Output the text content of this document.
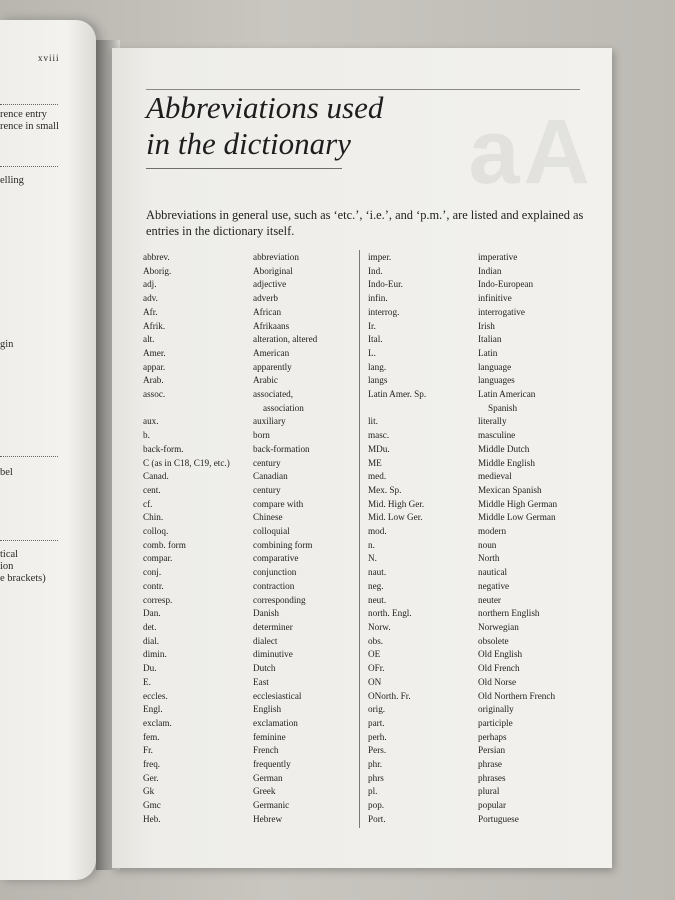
xviii
rence entry
rence in small
elling
gin
bel
tical
ion
e brackets)
aA
Abbreviations used
in the dictionary

Abbreviations in general use, such as ‘etc.’, ‘i.e.’, and ‘p.m.’, are listed and explained as entries in the dictionary itself.

abbrev.	abbreviation
Aborig.	Aboriginal
adj.	adjective
adv.	adverb
Afr.	African
Afrik.	Afrikaans
alt.	alteration, altered
Amer.	American
appar.	apparently
Arab.	Arabic
assoc.	associated,
association
aux.	auxiliary
b.	born
back-form.	back-formation
C (as in C18, C19, etc.)	century
Canad.	Canadian
cent.	century
cf.	compare with
Chin.	Chinese
colloq.	colloquial
comb. form	combining form
compar.	comparative
conj.	conjunction
contr.	contraction
corresp.	corresponding
Dan.	Danish
det.	determiner
dial.	dialect
dimin.	diminutive
Du.	Dutch
E.	East
eccles.	ecclesiastical
Engl.	English
exclam.	exclamation
fem.	feminine
Fr.	French
freq.	frequently
Ger.	German
Gk	Greek
Gmc	Germanic
Heb.	Hebrew
imper.	imperative
Ind.	Indian
Indo-Eur.	Indo-European
infin.	infinitive
interrog.	interrogative
Ir.	Irish
Ital.	Italian
L.	Latin
lang.	language
langs	languages
Latin Amer. Sp.	Latin American
Spanish
lit.	literally
masc.	masculine
MDu.	Middle Dutch
ME	Middle English
med.	medieval
Mex. Sp.	Mexican Spanish
Mid. High Ger.	Middle High German
Mid. Low Ger.	Middle Low German
mod.	modern
n.	noun
N.	North
naut.	nautical
neg.	negative
neut.	neuter
north. Engl.	northern English
Norw.	Norwegian
obs.	obsolete
OE	Old English
OFr.	Old French
ON	Old Norse
ONorth. Fr.	Old Northern French
orig.	originally
part.	participle
perh.	perhaps
Pers.	Persian
phr.	phrase
phrs	phrases
pl.	plural
pop.	popular
Port.	Portuguese
